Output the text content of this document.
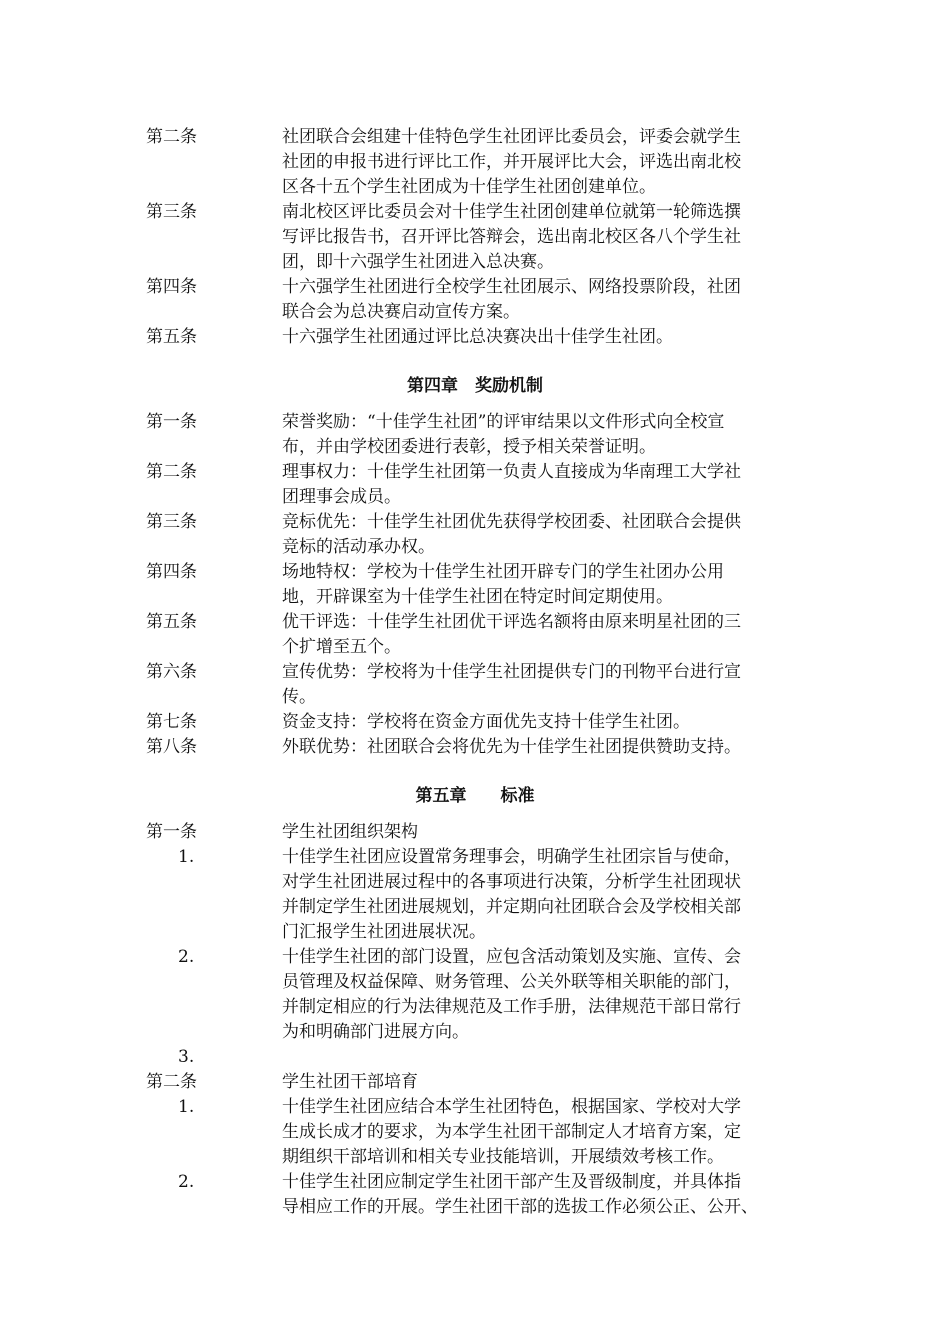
第二条	社团联合会组建十佳特色学生社团评比委员会，评委会就学生
社团的申报书进行评比工作，并开展评比大会，评选出南北校
区各十五个学生社团成为十佳学生社团创建单位。
第三条	南北校区评比委员会对十佳学生社团创建单位就第一轮筛选撰
写评比报告书，召开评比答辩会，选出南北校区各八个学生社
团，即十六强学生社团进入总决赛。
第四条	十六强学生社团进行全校学生社团展示、网络投票阶段，社团
联合会为总决赛启动宣传方案。
第五条	十六强学生社团通过评比总决赛决出十佳学生社团。
第四章　奖励机制
第一条	荣誉奖励：“十佳学生社团”的评审结果以文件形式向全校宣
布，并由学校团委进行表彰，授予相关荣誉证明。
第二条	理事权力：十佳学生社团第一负责人直接成为华南理工大学社
团理事会成员。
第三条	竞标优先：十佳学生社团优先获得学校团委、社团联合会提供
竞标的活动承办权。
第四条	场地特权：学校为十佳学生社团开辟专门的学生社团办公用
地，开辟课室为十佳学生社团在特定时间定期使用。
第五条	优干评选：十佳学生社团优干评选名额将由原来明星社团的三
个扩增至五个。
第六条	宣传优势：学校将为十佳学生社团提供专门的刊物平台进行宣
传。
第七条	资金支持：学校将在资金方面优先支持十佳学生社团。
第八条	外联优势：社团联合会将优先为十佳学生社团提供赞助支持。
第五章　　标准
第一条	学生社团组织架构
1.	十佳学生社团应设置常务理事会，明确学生社团宗旨与使命，
对学生社团进展过程中的各事项进行决策，分析学生社团现状
并制定学生社团进展规划，并定期向社团联合会及学校相关部
门汇报学生社团进展状况。
2.	十佳学生社团的部门设置，应包含活动策划及实施、宣传、会
员管理及权益保障、财务管理、公关外联等相关职能的部门，
并制定相应的行为法律规范及工作手册，法律规范干部日常行
为和明确部门进展方向。
3.
第二条	学生社团干部培育
1.	十佳学生社团应结合本学生社团特色，根据国家、学校对大学
生成长成才的要求，为本学生社团干部制定人才培育方案，定
期组织干部培训和相关专业技能培训，开展绩效考核工作。
2.	十佳学生社团应制定学生社团干部产生及晋级制度，并具体指
导相应工作的开展。学生社团干部的选拔工作必须公正、公开、
